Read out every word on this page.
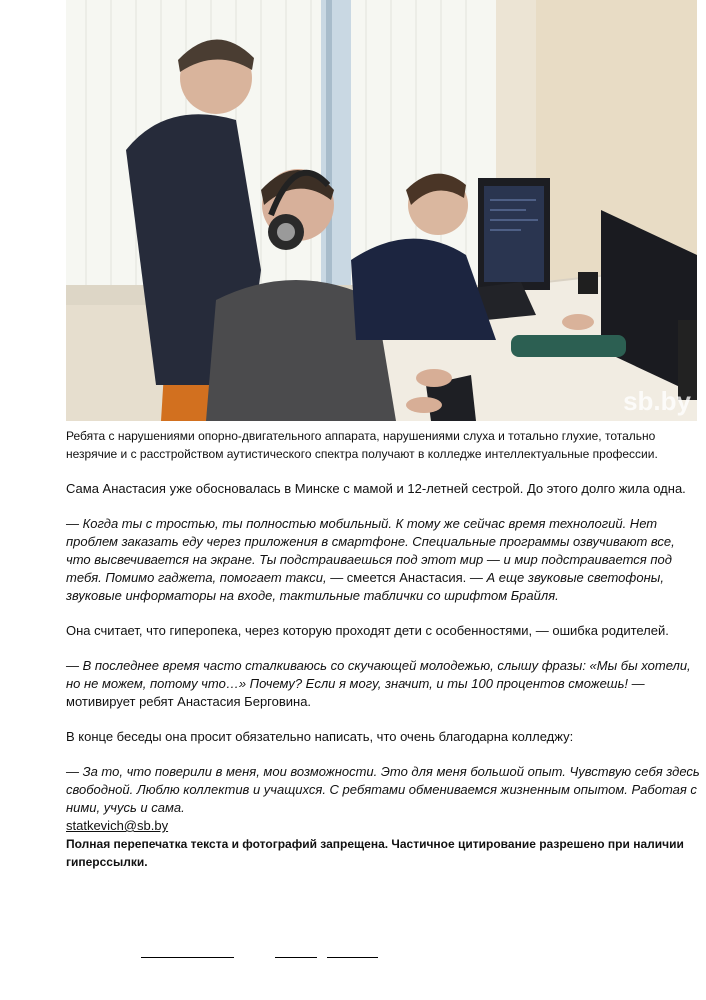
sb.by
Ребята с нарушениями опорно-двигательного аппарата, нарушениями слуха и тотально глухие, тотально незрячие и с расстройством аутистического спектра получают в колледже интеллектуальные профессии.

Сама Анастасия уже обосновалась в Минске с мамой и 12-летней сестрой. До этого долго жила одна.

— Когда ты с тростью, ты полностью мобильный. К тому же сейчас время технологий. Нет проблем заказать еду через приложения в смартфоне. Специальные программы озвучивают все, что высвечивается на экране. Ты подстраиваешься под этот мир — и мир подстраивается под тебя. Помимо гаджета, помогает такси, — смеется Анастасия. — А еще звуковые светофоны, звуковые информаторы на входе, тактильные таблички со шрифтом Брайля.

Она считает, что гиперопека, через которую проходят дети с особенностями, — ошибка родителей.

— В последнее время часто сталкиваюсь со скучающей молодежью, слышу фразы: «Мы бы хотели, но не можем, потому что…» Почему? Если я могу, значит, и ты 100 процентов сможешь! — мотивирует ребят Анастасия Берговина.

В конце беседы она просит обязательно написать, что очень благодарна колледжу:

— За то, что поверили в меня, мои возможности. Это для меня большой опыт. Чувствую себя здесь свободной. Люблю коллектив и учащихся. С ребятами обмениваемся жизненным опытом. Работая с ними, учусь и сама.

statkevich@sb.by
Полная перепечатка текста и фотографий запрещена. Частичное цитирование разрешено при наличии гиперссылки.
